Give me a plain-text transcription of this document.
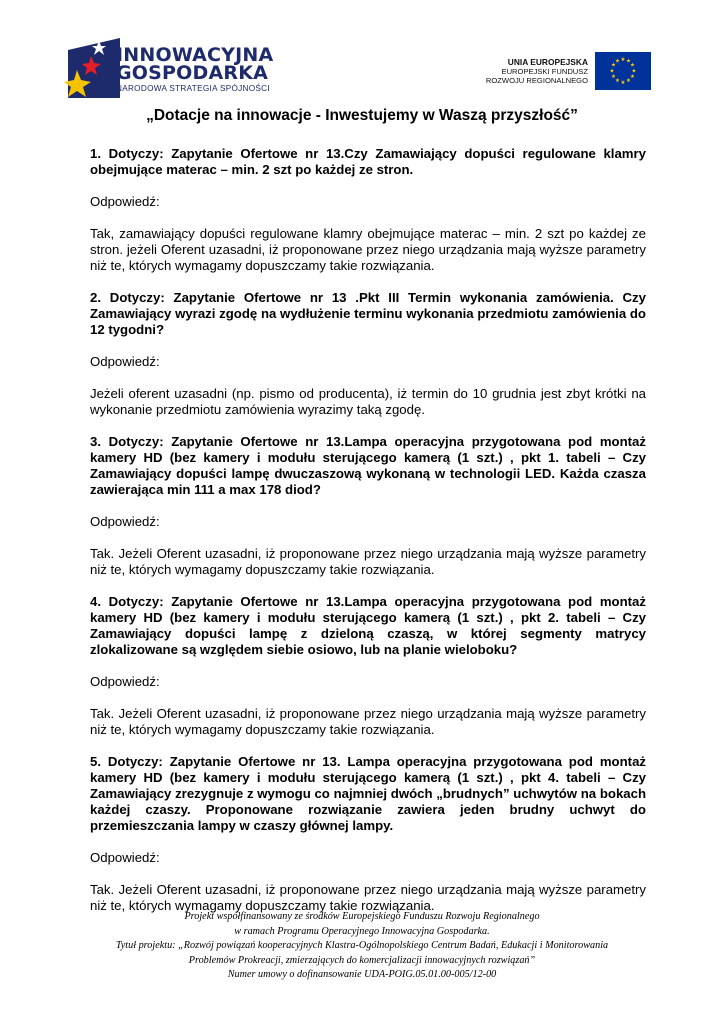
INNOWACYJNA
GOSPODARKA
NARODOWA STRATEGIA SPÓJNOŚCI
UNIA EUROPEJSKA
EUROPEJSKI FUNDUSZ
ROZWOJU REGIONALNEGO
★ ★
★
★
★
★
★
★
★
★
★
★
„Dotacje na innowacje - Inwestujemy w Waszą przyszłość”

1. Dotyczy: Zapytanie Ofertowe nr 13.Czy Zamawiający dopuści regulowane klamry obejmujące materac – min. 2 szt po każdej ze stron.

Odpowiedź:

Tak, zamawiający dopuści regulowane klamry obejmujące materac – min. 2 szt po każdej ze stron. jeżeli Oferent uzasadni, iż proponowane przez niego urządzania mają wyższe parametry niż te, których wymagamy dopuszczamy takie rozwiązania.

2. Dotyczy: Zapytanie Ofertowe nr 13 .Pkt III Termin wykonania zamówienia. Czy Zamawiający wyrazi zgodę na wydłużenie terminu wykonania przedmiotu zamówienia do 12 tygodni?

Odpowiedź:

Jeżeli oferent uzasadni (np. pismo od producenta), iż termin do 10 grudnia jest zbyt krótki na wykonanie przedmiotu zamówienia wyrazimy taką zgodę.

3. Dotyczy: Zapytanie Ofertowe nr 13.Lampa operacyjna przygotowana pod montaż kamery HD (bez kamery i modułu sterującego kamerą (1 szt.) , pkt 1. tabeli – Czy Zamawiający dopuści lampę dwuczaszową wykonaną w technologii LED. Każda czasza zawierająca min 111 a max 178 diod?

Odpowiedź:

Tak. Jeżeli Oferent uzasadni, iż proponowane przez niego urządzania mają wyższe parametry niż te, których wymagamy dopuszczamy takie rozwiązania.

4. Dotyczy: Zapytanie Ofertowe nr 13.Lampa operacyjna przygotowana pod montaż kamery HD (bez kamery i modułu sterującego kamerą (1 szt.) , pkt 2. tabeli – Czy Zamawiający dopuści lampę z dzieloną czaszą, w której segmenty matrycy zlokalizowane są względem siebie osiowo, lub na planie wieloboku?

Odpowiedź:

Tak. Jeżeli Oferent uzasadni, iż proponowane przez niego urządzania mają wyższe parametry niż te, których wymagamy dopuszczamy takie rozwiązania.

5. Dotyczy: Zapytanie Ofertowe nr 13. Lampa operacyjna przygotowana pod montaż kamery HD (bez kamery i modułu sterującego kamerą (1 szt.) , pkt 4. tabeli – Czy Zamawiający zrezygnuje z wymogu co najmniej dwóch „brudnych” uchwytów na bokach każdej czaszy. Proponowane rozwiązanie zawiera jeden brudny uchwyt do przemieszczania lampy w czaszy głównej lampy.

Odpowiedź:

Tak. Jeżeli Oferent uzasadni, iż proponowane przez niego urządzania mają wyższe parametry niż te, których wymagamy dopuszczamy takie rozwiązania.

Projekt współfinansowany ze środków Europejskiego Funduszu Rozwoju Regionalnego
w ramach Programu Operacyjnego Innowacyjna Gospodarka.
Tytuł projektu: „Rozwój powiązań kooperacyjnych Klastra-Ogólnopolskiego Centrum Badań, Edukacji i Monitorowania
Problemów Prokreacji, zmierzających do komercjalizacji innowacyjnych rozwiązań”
Numer umowy o dofinansowanie UDA-POIG.05.01.00-005/12-00
